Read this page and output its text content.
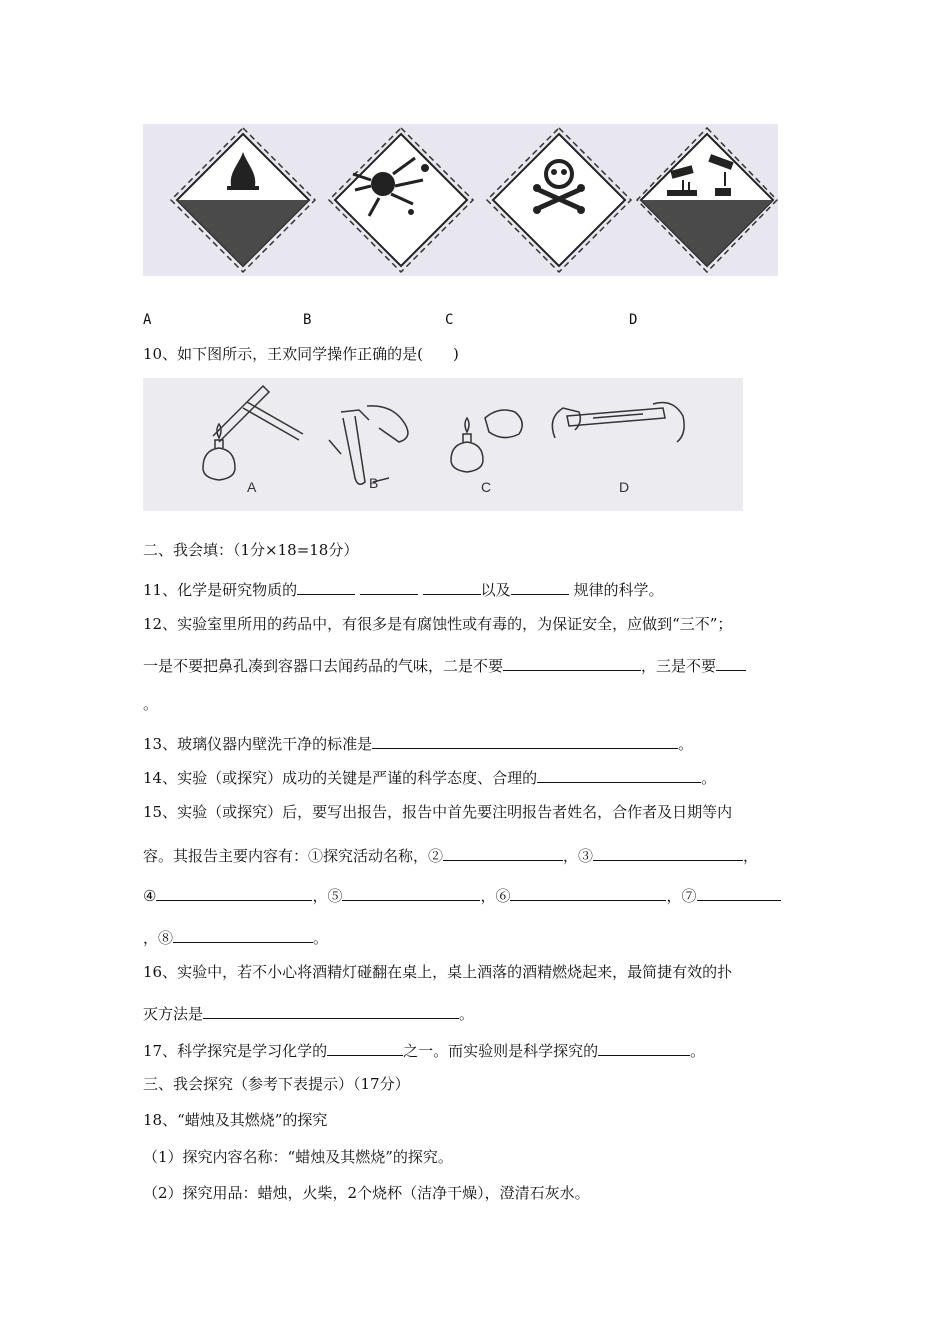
A	B	C	D
10、如下图所示，王欢同学操作正确的是(　　)
A	B	C	D
二、我会填：（1分×18=18分）
11、化学是研究物质的	以及	规律的科学。
12、实验室里所用的药品中，有很多是有腐蚀性或有毒的，为保证安全，应做到“三不”；
一是不要把鼻孔凑到容器口去闻药品的气味，二是不要	，三是不要
。
13、玻璃仪器内壁洗干净的标准是	。
14、实验（或探究）成功的关键是严谨的科学态度、合理的	。
15、实验（或探究）后，要写出报告，报告中首先要注明报告者姓名，合作者及日期等内
容。其报告主要内容有：①探究活动名称，②	，③	，
④	，⑤	，⑥	，⑦
，⑧	。
16、实验中，若不小心将酒精灯碰翻在桌上，桌上酒落的酒精燃烧起来，最简捷有效的扑
灭方法是	。
17、科学探究是学习化学的	之一。而实验则是科学探究的	。
三、我会探究（参考下表提示）（17分）
18、“蜡烛及其燃烧”的探究
（1）探究内容名称：“蜡烛及其燃烧”的探究。
（2）探究用品：蜡烛，火柴，2个烧杯（洁净干燥），澄清石灰水。
